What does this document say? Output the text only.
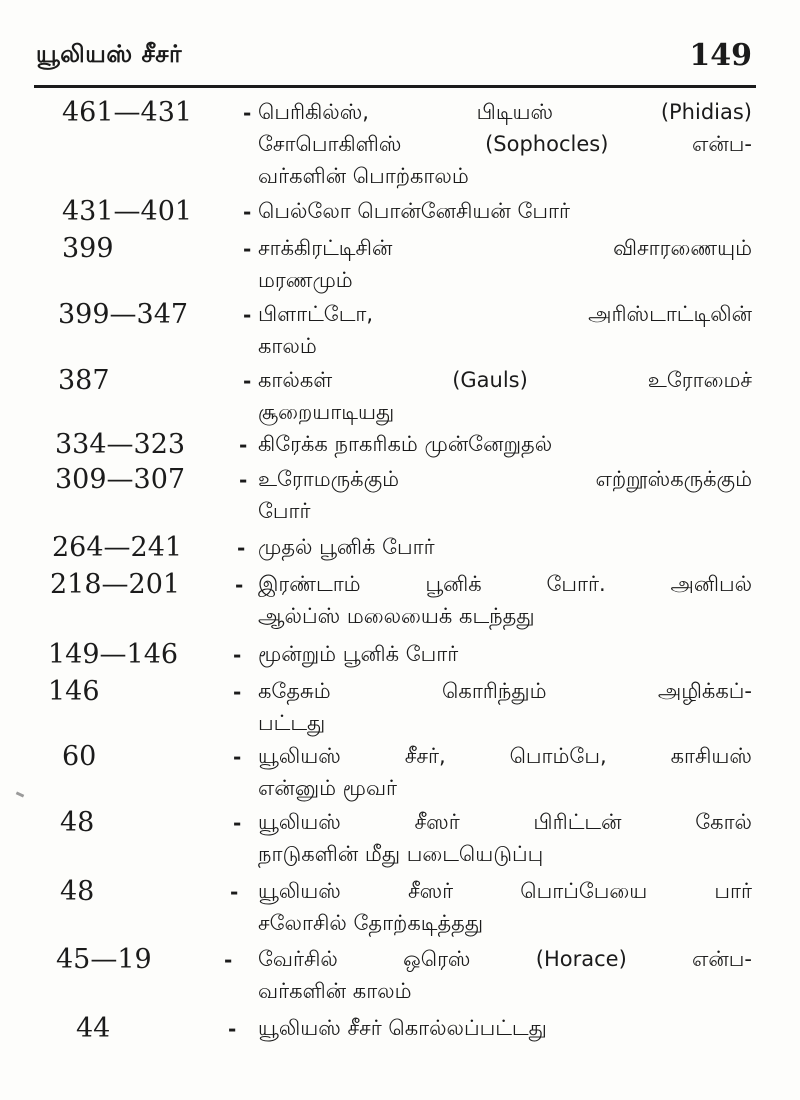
யூலியஸ் சீசர்	149
461—431	- பெரிகில்ஸ், பிடியஸ் (Phidias)
சோபொகிளிஸ் (Sophocles) என்ப-
வர்களின் பொற்காலம்
431—401	- பெல்லோ பொன்னேசியன் போர்
399	- சாக்கிரட்டிசின் விசாரணையும்
மரணமும்
399—347	- பிளாட்டோ, அரிஸ்டாட்டிலின்
காலம்
387	- கால்கள் (Gauls) உரோமைச்
சூறையாடியது
334—323	- கிரேக்க நாகரிகம் முன்னேறுதல்
309—307	- உரோமருக்கும் எற்றூஸ்கருக்கும்
போர்
264—241	- முதல் பூனிக் போர்
218—201	- இரண்டாம் பூனிக் போர். அனிபல்
ஆல்ப்ஸ் மலையைக் கடந்தது
149—146	- மூன்றும் பூனிக் போர்
146	- கதேசும் கொரிந்தும் அழிக்கப்-
பட்டது
60	- யூலியஸ் சீசர், பொம்பே, காசியஸ்
என்னும் மூவர்
48	- யூலியஸ் சீஸர் பிரிட்டன் கோல்
நாடுகளின் மீது படையெடுப்பு
48	- யூலியஸ் சீஸர் பொப்பேயை பார்
சலோசில் தோற்கடித்தது
45—19	- வேர்சில் ஒரெஸ் (Horace) என்ப-
வர்களின் காலம்
44	- யூலியஸ் சீசர் கொல்லப்பட்டது
